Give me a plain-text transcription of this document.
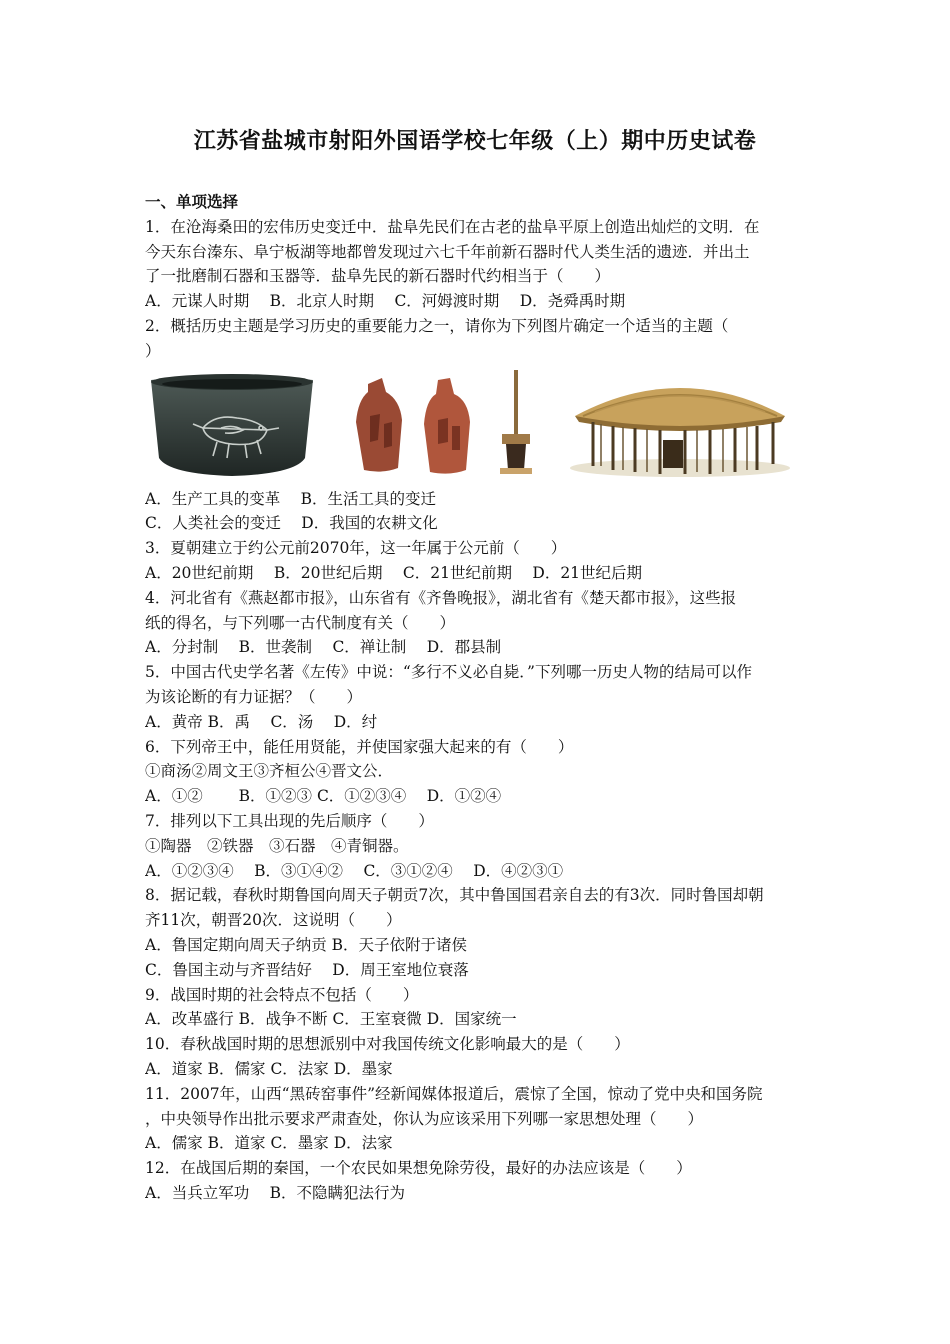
江苏省盐城市射阳外国语学校七年级（上）期中历史试卷
一、单项选择
1．在沧海桑田的宏伟历史变迁中．盐阜先民们在古老的盐阜平原上创造出灿烂的文明．在
今天东台溱东、阜宁板湖等地都曾发现过六七千年前新石器时代人类生活的遗迹．并出土
了一批磨制石器和玉器等．盐阜先民的新石器时代约相当于（　　）
A．元谋人时期　 B．北京人时期　 C．河姆渡时期　 D．尧舜禹时期
2．概括历史主题是学习历史的重要能力之一，请你为下列图片确定一个适当的主题（
）
A．生产工具的变革　 B．生活工具的变迁
C．人类社会的变迁　 D．我国的农耕文化
3．夏朝建立于约公元前2070年，这一年属于公元前（　　）
A．20世纪前期　 B．20世纪后期　 C．21世纪前期　 D．21世纪后期
4．河北省有《燕赵都市报》，山东省有《齐鲁晚报》，湖北省有《楚天都市报》，这些报
纸的得名，与下列哪一古代制度有关（　　）
A．分封制　 B．世袭制　 C．禅让制　 D．郡县制
5．中国古代史学名著《左传》中说：“多行不义必自毙．”下列哪一历史人物的结局可以作
为该论断的有力证据？（　　）
A．黄帝 B．禹　 C．汤　 D．纣
6．下列帝王中，能任用贤能，并使国家强大起来的有（　　）
①商汤②周文王③齐桓公④晋文公．
A．①②　 　B．①②③ C．①②③④　 D．①②④
7．排列以下工具出现的先后顺序（　　）
①陶器　②铁器　③石器　④青铜器。
A．①②③④　 B．③①④②　 C．③①②④　 D．④②③①
8．据记载，春秋时期鲁国向周天子朝贡7次，其中鲁国国君亲自去的有3次．同时鲁国却朝
齐11次，朝晋20次．这说明（　　）
A．鲁国定期向周天子纳贡 B．天子依附于诸侯
C．鲁国主动与齐晋结好　 D．周王室地位衰落
9．战国时期的社会特点不包括（　　）
A．改革盛行 B．战争不断 C．王室衰微 D．国家统一
10．春秋战国时期的思想派别中对我国传统文化影响最大的是（　　）
A．道家 B．儒家 C．法家 D．墨家
11．2007年，山西“黑砖窑事件”经新闻媒体报道后，震惊了全国，惊动了党中央和国务院
，中央领导作出批示要求严肃查处，你认为应该采用下列哪一家思想处理（　　）
A．儒家 B．道家 C．墨家 D．法家
12．在战国后期的秦国，一个农民如果想免除劳役，最好的办法应该是（　　）
A．当兵立军功　 B．不隐瞒犯法行为
